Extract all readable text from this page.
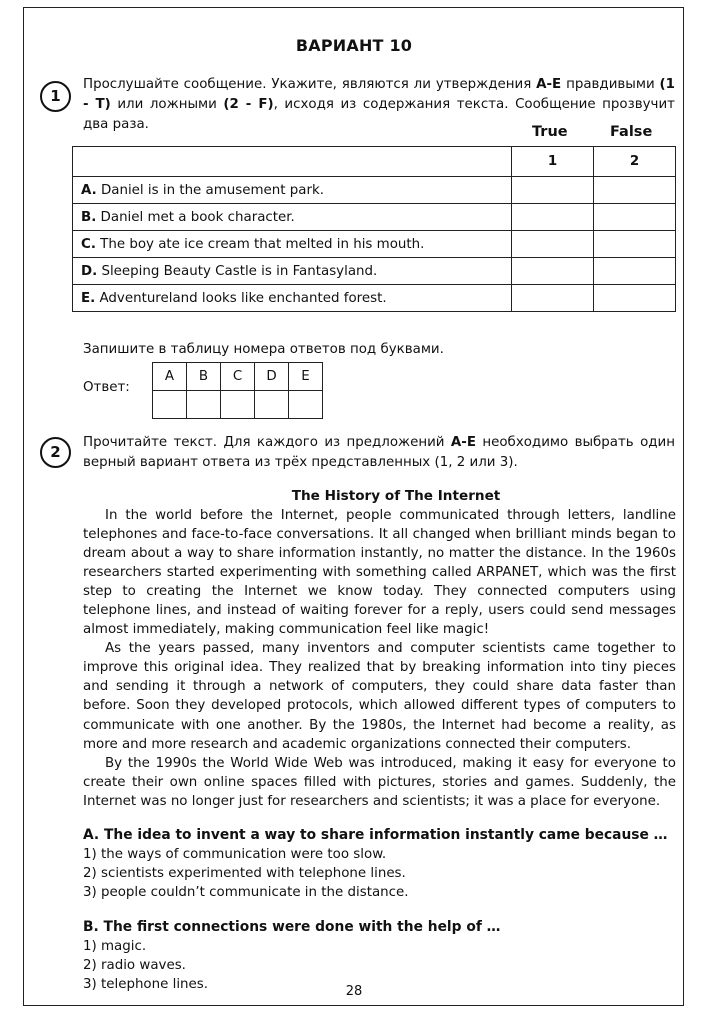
ВАРИАНТ 10
1

Прослушайте сообщение. Укажите, являются ли утверждения A-E правдивыми (1 - T) или ложными (2 - F), исходя из содержания текста. Сообщение прозвучит два раза.	True	False
	1	2
A. Daniel is in the amusement park.		
B. Daniel met a book character.		
C. The boy ate ice cream that melted in his mouth.		
D. Sleeping Beauty Castle is in Fantasyland.		
E. Adventureland looks like enchanted forest.		
Запишите в таблицу номера ответов под буквами.
Ответ:
A	B	C	D	E

2

Прочитайте текст. Для каждого из предложений A-E необходимо выбрать один верный вариант ответа из трёх представленных (1, 2 или 3).

The History of The Internet

In the world before the Internet, people communicated through letters, landline telephones and face-to-face conversations. It all changed when brilliant minds began to dream about a way to share information instantly, no matter the distance. In the 1960s researchers started experimenting with something called ARPANET, which was the first step to creating the Internet we know today. They connected computers using telephone lines, and instead of waiting forever for a reply, users could send messages almost immediately, making communication feel like magic!

As the years passed, many inventors and computer scientists came together to improve this original idea. They realized that by breaking information into tiny pieces and sending it through a network of computers, they could share data faster than before. Soon they developed protocols, which allowed different types of computers to communicate with one another. By the 1980s, the Internet had become a reality, as more and more research and academic organizations connected their computers.

By the 1990s the World Wide Web was introduced, making it easy for everyone to create their own online spaces filled with pictures, stories and games. Suddenly, the Internet was no longer just for researchers and scientists; it was a place for everyone.

A. The idea to invent a way to share information instantly came because …
1) the ways of communication were too slow.
2) scientists experimented with telephone lines.
3) people couldn’t communicate in the distance.
B. The first connections were done with the help of …
1) magic.
2) radio waves.
3) telephone lines.	28
